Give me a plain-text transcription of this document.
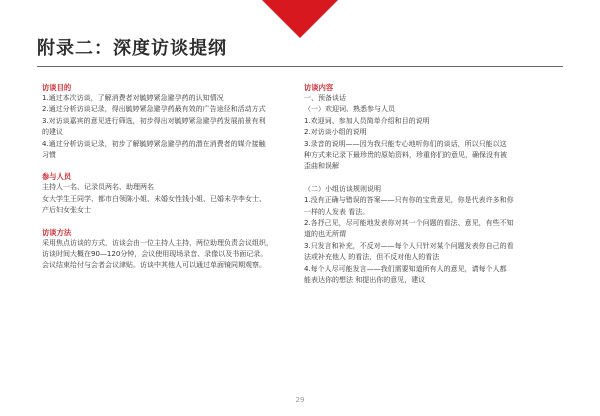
附录二：深度访谈提纲
访谈目的
1.通过本次访谈，了解消费者对毓婷紧急避孕药的认知情况
2.通过分析访谈记录，得出毓婷紧急避孕药最有效的广告途径和活动方式
3.对访谈嘉宾的意见进行筛选，初步得出对毓婷紧急避孕药发展前景有利
的建议
4.通过分析访谈记录，初步了解毓婷紧急避孕药的潜在消费者的媒介接触
习惯
参与人员
主持人一名、记录员两名、助理两名
女大学生王同学、都市白领陈小姐、未婚女性钱小姐、已婚未孕李女士、
产后妇女张女士
访谈方法
采用焦点访谈的方式，访谈会由一位主持人主持，两位助理负责会议组织，
访谈时间大概在90—120分钟，会议使用现场录音、录像以及书面记录。
会议结束给付与会者会议津贴。访谈中其他人可以通过单面镜同期观察。
访谈内容
一、预备谈话
（一）欢迎词、熟悉参与人员
1.欢迎词、参加人员简单介绍和目的说明
2.对访谈小组的说明
3.录音的说明——因为我只能专心地听你们的谈话，所以只能以这
种方式来记录下最珍贵的原始资料，珍重你们的意见，确保没有被
歪曲和误解
（二）小组访谈规则说明
1.没有正确与错误的答案——只有你的宝贵意见，你是代表许多和你
一样的人发表 看法。
2.各抒己见，尽可能地发表你对其一个问题的看法、意见，有些不知
道的也无所谓
3.只发言和补充，不反对——每个人只针对某个问题发表你自己的看
法或补充他人 的看法，但不反对他人的看法
4.每个人尽可能发言——我们需要知道所有人的意见，请每个人都
能表达你的想法 和提出你的意见，建议
29
